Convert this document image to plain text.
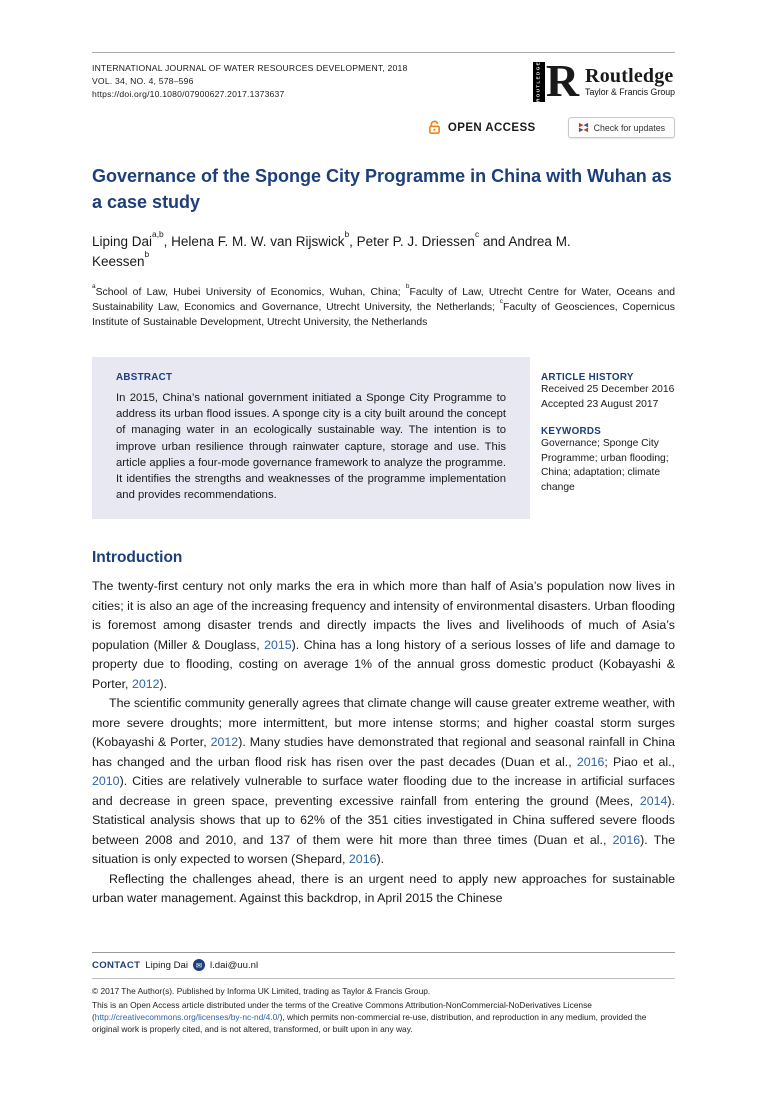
INTERNATIONAL JOURNAL OF WATER RESOURCES DEVELOPMENT, 2018
VOL. 34, NO. 4, 578–596
https://doi.org/10.1080/07900627.2017.1373637	ROUTLEDGE R Routledge
Taylor & Francis Group
OPEN ACCESS	Check for updates
Governance of the Sponge City Programme in China with Wuhan as a case study
Liping Dai$^{a,b}$, Helena F. M. W. van Rijswick$^b$, Peter P. J. Driessen$^c$ and Andrea M. Keessen$^b$
$^a$School of Law, Hubei University of Economics, Wuhan, China; $^b$Faculty of Law, Utrecht Centre for Water, Oceans and Sustainability Law, Economics and Governance, Utrecht University, the Netherlands; $^c$Faculty of Geosciences, Copernicus Institute of Sustainable Development, Utrecht University, the Netherlands
ABSTRACT

In 2015, China’s national government initiated a Sponge City Programme to address its urban flood issues. A sponge city is a city built around the concept of managing water in an ecologically sustainable way. The intention is to improve urban resilience through rainwater capture, storage and use. This article applies a four-mode governance framework to analyze the programme. It identifies the strengths and weaknesses of the programme implementation and provides recommendations.

ARTICLE HISTORY
Received 25 December 2016
Accepted 23 August 2017
KEYWORDS
Governance; Sponge City Programme; urban flooding; China; adaptation; climate change
Introduction

The twenty-first century not only marks the era in which more than half of Asia’s population now lives in cities; it is also an age of the increasing frequency and intensity of environmental disasters. Urban flooding is foremost among disaster trends and directly impacts the lives and livelihoods of much of Asia’s population (Miller & Douglass, 2015). China has a long history of a serious losses of life and damage to property due to flooding, costing on average 1% of the annual gross domestic product (Kobayashi & Porter, 2012).

The scientific community generally agrees that climate change will cause greater extreme weather, with more severe droughts; more intermittent, but more intense storms; and higher coastal storm surges (Kobayashi & Porter, 2012). Many studies have demonstrated that regional and seasonal rainfall in China has changed and the urban flood risk has risen over the past decades (Duan et al., 2016; Piao et al., 2010). Cities are relatively vulnerable to surface water flooding due to the increase in artificial surfaces and decrease in green space, preventing excessive rainfall from entering the ground (Mees, 2014). Statistical analysis shows that up to 62% of the 351 cities investigated in China suffered severe floods between 2008 and 2010, and 137 of them were hit more than three times (Duan et al., 2016). The situation is only expected to worsen (Shepard, 2016).

Reflecting the challenges ahead, there is an urgent need to apply new approaches for sustainable urban water management. Against this backdrop, in April 2015 the Chinese

CONTACT Liping Dai	✉ l.dai@uu.nl
© 2017 The Author(s). Published by Informa UK Limited, trading as Taylor & Francis Group.
This is an Open Access article distributed under the terms of the Creative Commons Attribution-NonCommercial-NoDerivatives License (http://creativecommons.org/licenses/by-nc-nd/4.0/), which permits non-commercial re-use, distribution, and reproduction in any medium, provided the original work is properly cited, and is not altered, transformed, or built upon in any way.
